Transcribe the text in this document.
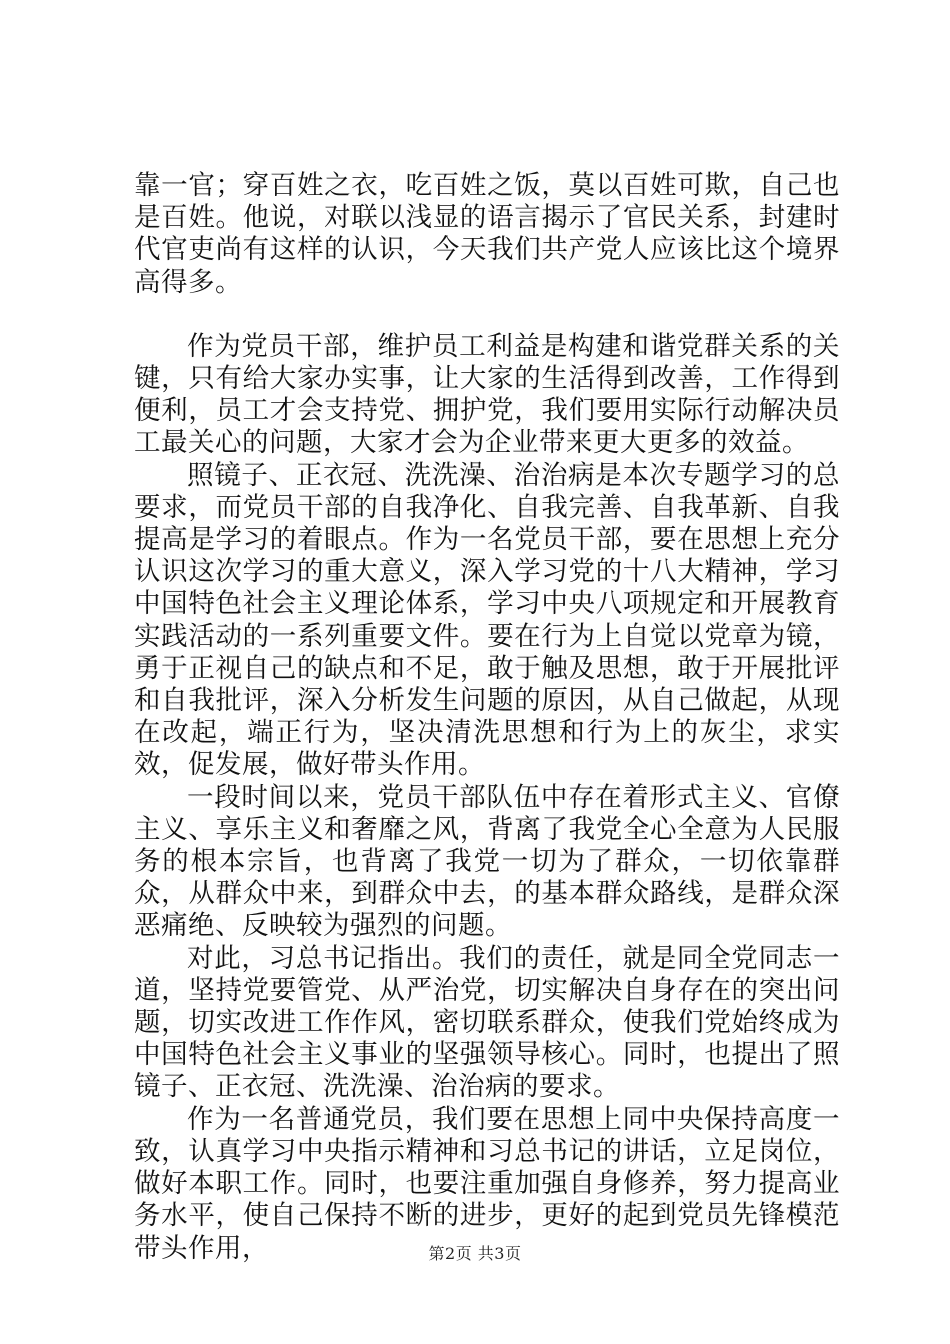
靠一官；穿百姓之衣，吃百姓之饭，莫以百姓可欺，自己也是百姓。他说，对联以浅显的语言揭示了官民关系，封建时代官吏尚有这样的认识，今天我们共产党人应该比这个境界高得多。

作为党员干部，维护员工利益是构建和谐党群关系的关键，只有给大家办实事，让大家的生活得到改善，工作得到便利，员工才会支持党、拥护党，我们要用实际行动解决员工最关心的问题，大家才会为企业带来更大更多的效益。

照镜子、正衣冠、洗洗澡、治治病是本次专题学习的总要求，而党员干部的自我净化、自我完善、自我革新、自我提高是学习的着眼点。作为一名党员干部，要在思想上充分认识这次学习的重大意义，深入学习党的十八大精神，学习中国特色社会主义理论体系，学习中央八项规定和开展教育实践活动的一系列重要文件。要在行为上自觉以党章为镜，勇于正视自己的缺点和不足，敢于触及思想，敢于开展批评和自我批评，深入分析发生问题的原因，从自己做起，从现在改起，端正行为，坚决清洗思想和行为上的灰尘，求实效，促发展，做好带头作用。

一段时间以来，党员干部队伍中存在着形式主义、官僚主义、享乐主义和奢靡之风，背离了我党全心全意为人民服务的根本宗旨，也背离了我党一切为了群众，一切依靠群众，从群众中来，到群众中去，的基本群众路线，是群众深恶痛绝、反映较为强烈的问题。

对此，习总书记指出。我们的责任，就是同全党同志一道，坚持党要管党、从严治党，切实解决自身存在的突出问题，切实改进工作作风，密切联系群众，使我们党始终成为中国特色社会主义事业的坚强领导核心。同时，也提出了照镜子、正衣冠、洗洗澡、治治病的要求。

作为一名普通党员，我们要在思想上同中央保持高度一致，认真学习中央指示精神和习总书记的讲话，立足岗位，做好本职工作。同时，也要注重加强自身修养，努力提高业务水平，使自己保持不断的进步，更好的起到党员先锋模范带头作用，	第2页 共3页
